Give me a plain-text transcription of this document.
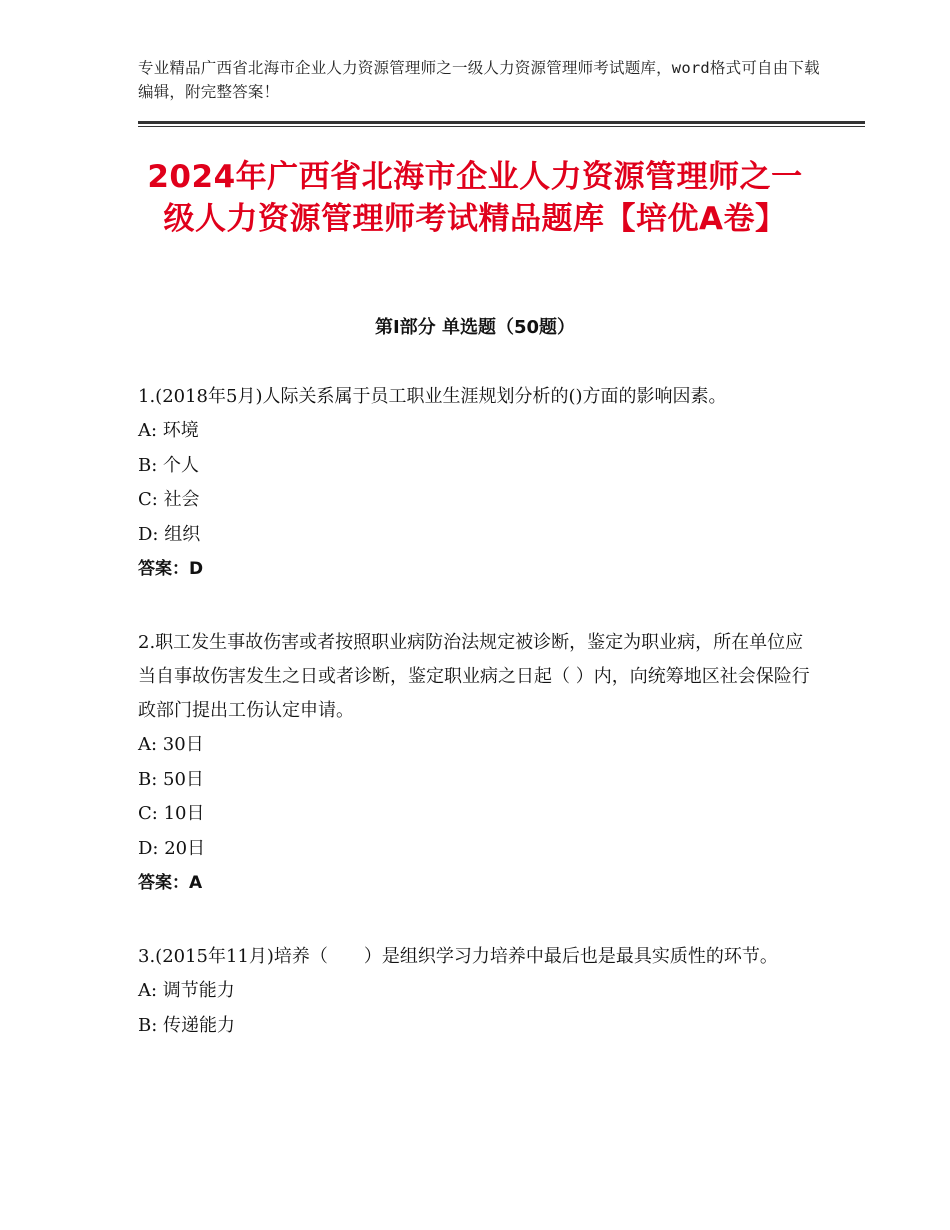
专业精品广西省北海市企业人力资源管理师之一级人力资源管理师考试题库，word格式可自由下载编辑，附完整答案！
2024年广西省北海市企业人力资源管理师之一级人力资源管理师考试精品题库【培优A卷】
第Ⅰ部分 单选题（50题）

1.(2018年5月)人际关系属于员工职业生涯规划分析的()方面的影响因素。

A: 环境

B: 个人

C: 社会

D: 组织

答案：D

2.职工发生事故伤害或者按照职业病防治法规定被诊断，鉴定为职业病，所在单位应当自事故伤害发生之日或者诊断，鉴定职业病之日起（ ）内，向统筹地区社会保险行政部门提出工伤认定申请。

A: 30日

B: 50日

C: 10日

D: 20日

答案：A

3.(2015年11月)培养（　　）是组织学习力培养中最后也是最具实质性的环节。

A: 调节能力

B: 传递能力
